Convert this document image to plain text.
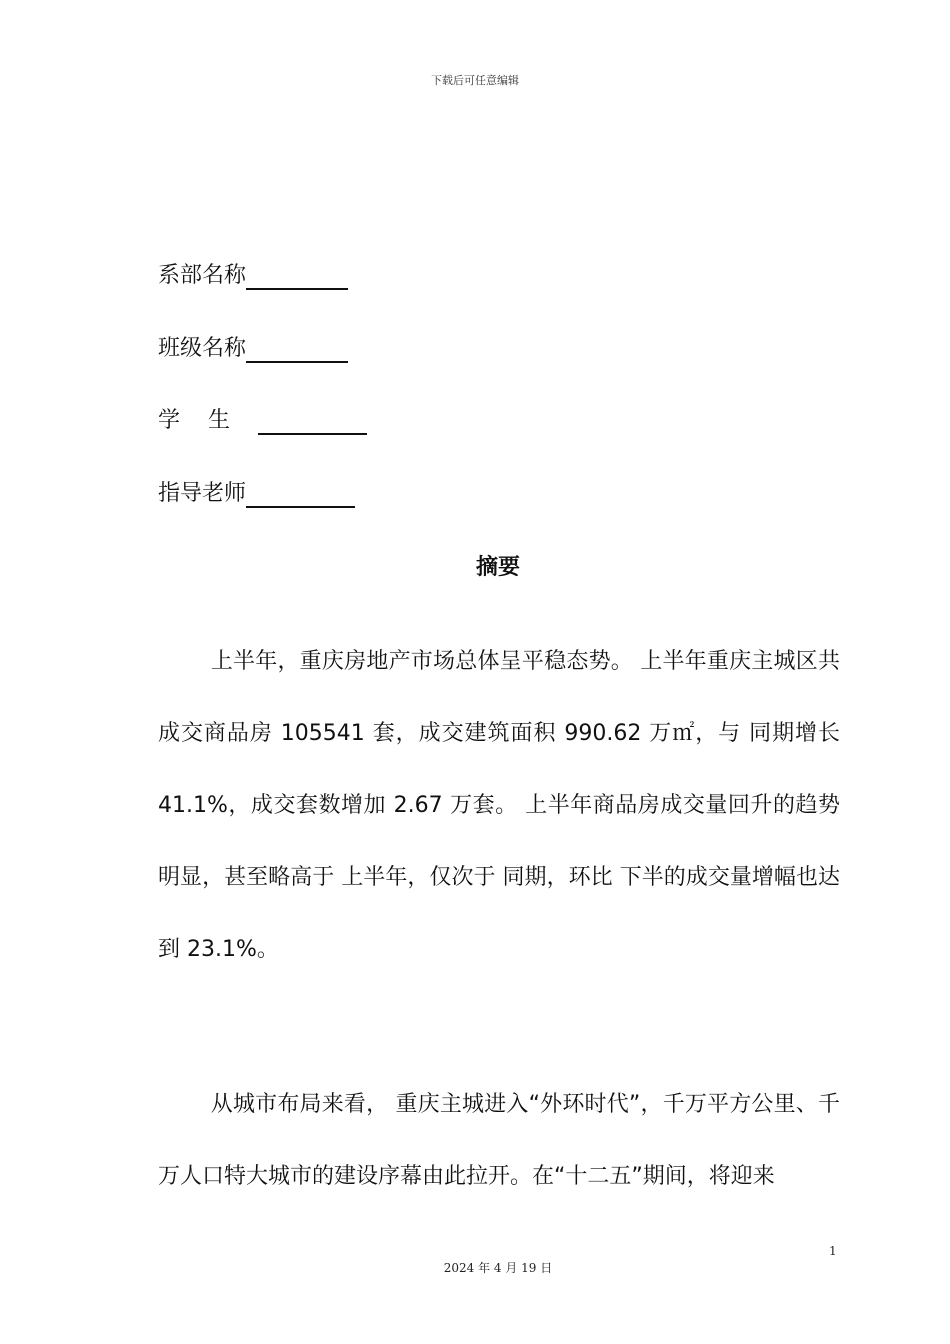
下载后可任意编辑
系部名称
班级名称
学生
指导老师
摘要

上半年，重庆房地产市场总体呈平稳态势。 上半年重庆主城区共成交商品房 105541 套，成交建筑面积 990.62 万㎡，与 同期增长 41.1%，成交套数增加 2.67 万套。 上半年商品房成交量回升的趋势明显，甚至略高于 上半年，仅次于 同期，环比 下半的成交量增幅也达到 23.1%。

从城市布局来看， 重庆主城进入“外环时代”，千万平方公里、千万人口特大城市的建设序幕由此拉开。在“十二五”期间，将迎来

1
2024 年 4 月 19 日
